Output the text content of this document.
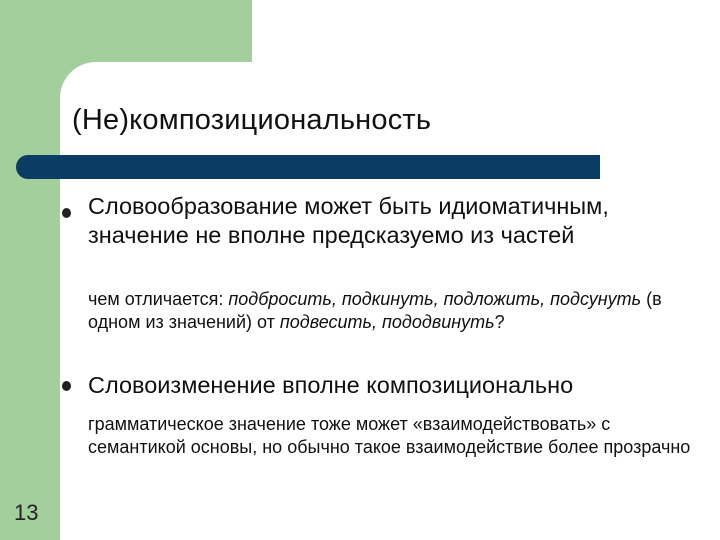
(Не)композициональность
Словообразование может быть идиоматичным, значение не вполне предсказуемо из частей
чем отличается: подбросить, подкинуть, подложить, подсунуть (в одном из значений) от подвесить, пододвинуть?
Словоизменение вполне композиционально
грамматическое значение тоже может «взаимодействовать» с семантикой основы, но обычно такое взаимодействие более прозрачно
13
